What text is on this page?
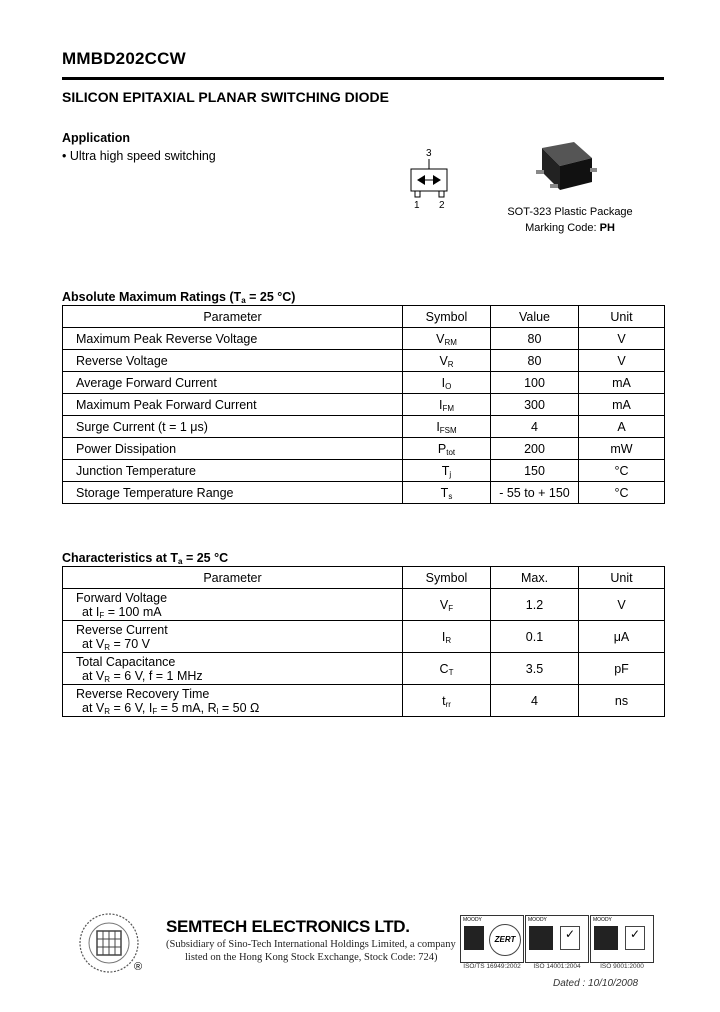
MMBD202CCW
SILICON EPITAXIAL PLANAR SWITCHING DIODE
Application
• Ultra high speed switching	3
1 2
SOT-323 Plastic Package
Marking Code: PH
Absolute Maximum Ratings ($T_a = 25$ °C)
Parameter	Symbol	Value	Unit
Maximum Peak Reverse Voltage	$V_{RM}$	80	V
Reverse Voltage	$V_R$	80	V
Average Forward Current	$I_O$	100	mA
Maximum Peak Forward Current	$I_{FM}$	300	mA
Surge Current (t = 1 μs)	$I_{FSM}$	4	A
Power Dissipation	$P_{tot}$	200	mW
Junction Temperature	$T_j$	150	°C
Storage Temperature Range	$T_s$	- 55 to + 150	°C
Characteristics at $T_a = 25$ °C
Parameter	Symbol	Max.	Unit

Forward Voltage
at $I_F = 100$ mA	$V_F$	1.2	V

Reverse Current
at $V_R = 70$ V	$I_R$	0.1	μA

Total Capacitance
at $V_R = 6$ V, f = 1 MHz	$C_T$	3.5	pF

Reverse Recovery Time
at $V_R = 6$ V, $I_F = 5$ mA, $R_l = 50$ Ω	$t_{rr}$	4	ns
®
SEMTECH ELECTRONICS LTD.
(Subsidiary of Sino-Tech International Holdings Limited, a company
listed on the Hong Kong Stock Exchange, Stock Code: 724)
MOODY
ZERT
MOODY
✓
MOODY
✓
ISO/TS 16949:2002	ISO 14001:2004	ISO 9001:2000
Dated : 10/10/2008
